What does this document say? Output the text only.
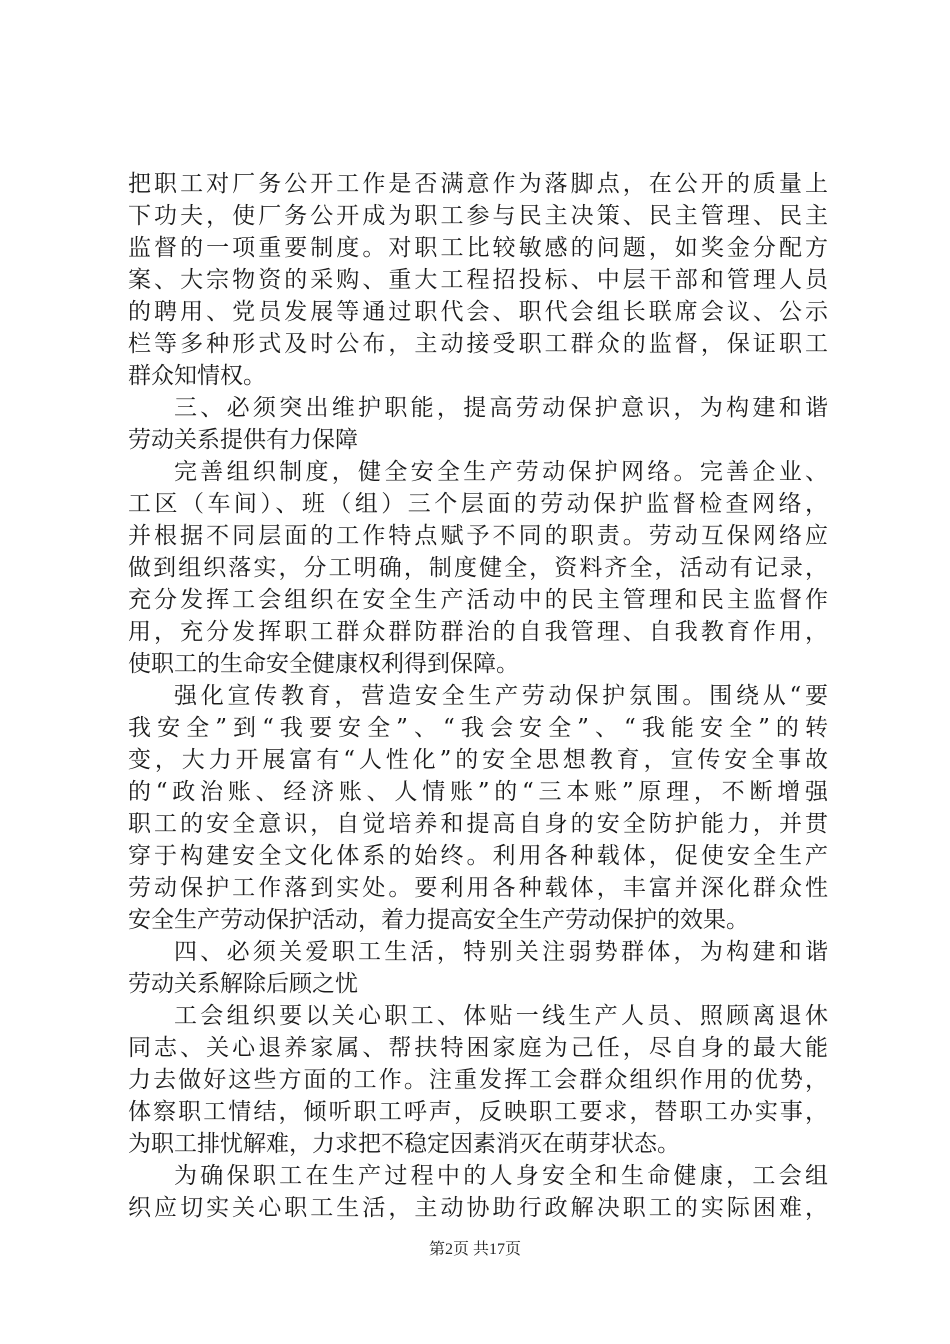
把职工对厂务公开工作是否满意作为落脚点，在公开的质量上
下功夫，使厂务公开成为职工参与民主决策、民主管理、民主
监督的一项重要制度。对职工比较敏感的问题，如奖金分配方
案、大宗物资的采购、重大工程招投标、中层干部和管理人员
的聘用、党员发展等通过职代会、职代会组长联席会议、公示
栏等多种形式及时公布，主动接受职工群众的监督，保证职工
群众知情权。
三、必须突出维护职能，提高劳动保护意识，为构建和谐
劳动关系提供有力保障
完善组织制度，健全安全生产劳动保护网络。完善企业、
工区（车间）、班（组）三个层面的劳动保护监督检查网络，
并根据不同层面的工作特点赋予不同的职责。劳动互保网络应
做到组织落实，分工明确，制度健全，资料齐全，活动有记录，
充分发挥工会组织在安全生产活动中的民主管理和民主监督作
用，充分发挥职工群众群防群治的自我管理、自我教育作用，
使职工的生命安全健康权利得到保障。
强化宣传教育，营造安全生产劳动保护氛围。围绕从“要
我安全”到“我要安全”、“我会安全”、“我能安全”的转
变，大力开展富有“人性化”的安全思想教育，宣传安全事故
的“政治账、经济账、人情账”的“三本账”原理，不断增强
职工的安全意识，自觉培养和提高自身的安全防护能力，并贯
穿于构建安全文化体系的始终。利用各种载体，促使安全生产
劳动保护工作落到实处。要利用各种载体，丰富并深化群众性
安全生产劳动保护活动，着力提高安全生产劳动保护的效果。
四、必须关爱职工生活，特别关注弱势群体，为构建和谐
劳动关系解除后顾之忧
工会组织要以关心职工、体贴一线生产人员、照顾离退休
同志、关心退养家属、帮扶特困家庭为己任，尽自身的最大能
力去做好这些方面的工作。注重发挥工会群众组织作用的优势，
体察职工情结，倾听职工呼声，反映职工要求，替职工办实事，
为职工排忧解难，力求把不稳定因素消灭在萌芽状态。
为确保职工在生产过程中的人身安全和生命健康，工会组
织应切实关心职工生活，主动协助行政解决职工的实际困难，
第2页 共17页
